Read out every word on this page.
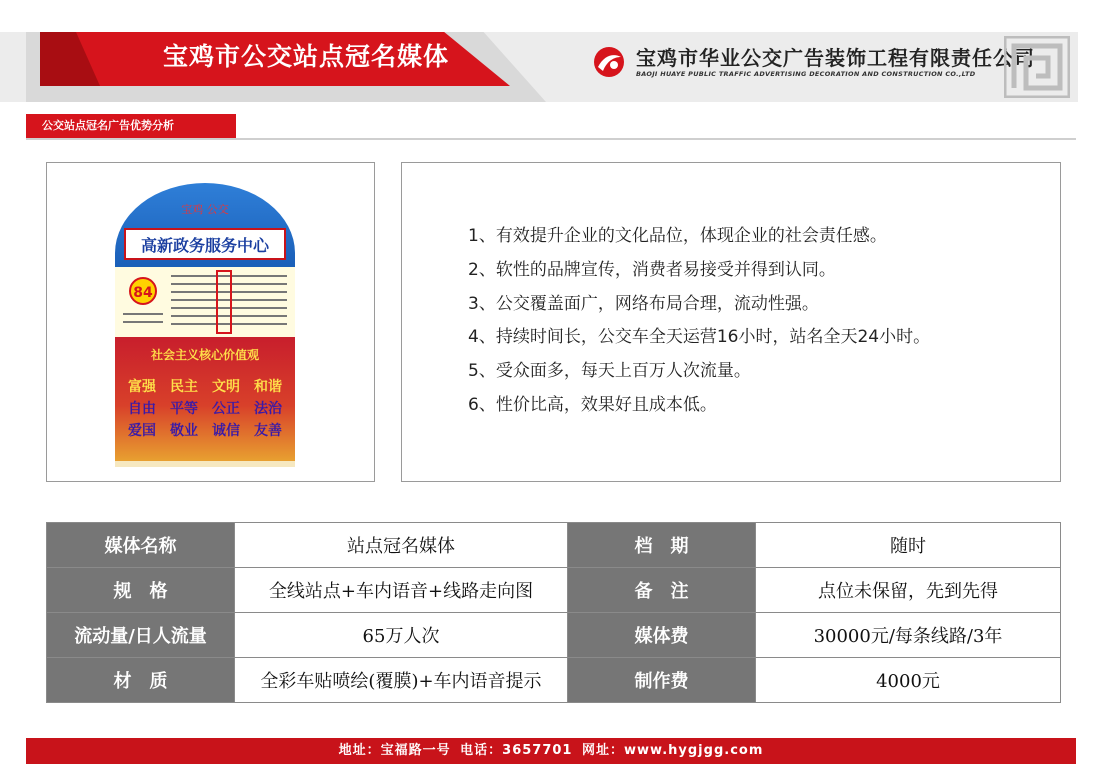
宝鸡市公交站点冠名媒体	宝鸡市华业公交广告装饰工程有限责任公司
BAOJI HUAYE PUBLIC TRAFFIC ADVERTISING DECORATION AND CONSTRUCTION CO.,LTD
公交站点冠名广告优势分析
宝鸡 公交
高新政务服务中心
84
社会主义核心价值观
富强 民主 文明 和谐
自由 平等 公正 法治
爱国 敬业 诚信 友善
1、有效提升企业的文化品位，体现企业的社会责任感。
2、软性的品牌宣传，消费者易接受并得到认同。
3、公交覆盖面广，网络布局合理，流动性强。
4、持续时间长，公交车全天运营16小时，站名全天24小时。
5、受众面多，每天上百万人次流量。
6、性价比高，效果好且成本低。
媒体名称	站点冠名媒体	档　期	随时
规　格	全线站点+车内语音+线路走向图	备　注	点位未保留，先到先得
流动量/日人流量	65万人次	媒体费	30000元/每条线路/3年
材　质	全彩车贴喷绘(覆膜)+车内语音提示	制作费	4000元
地址：宝福路一号 电话：3657701 网址：www.hygjgg.com
